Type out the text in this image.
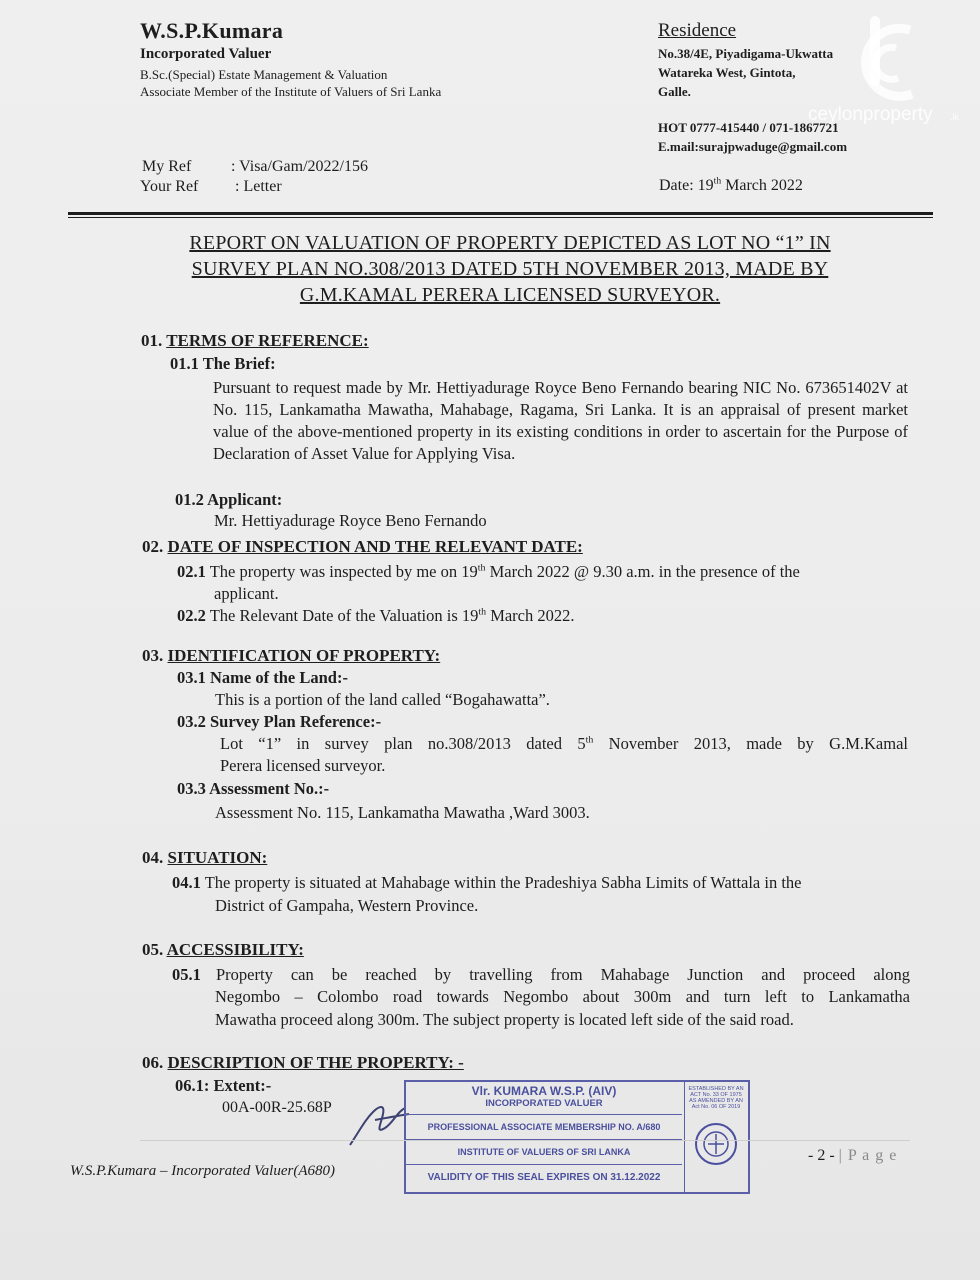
W.S.P.Kumara
Incorporated Valuer
B.Sc.(Special) Estate Management & Valuation
Associate Member of the Institute of Valuers of Sri Lanka
Residence
No.38/4E, Piyadigama-Ukwatta
Watareka West, Gintota,
Galle.
HOT 0777-415440 / 071-1867721
E.mail:surajpwaduge@gmail.com
ceylonproperty .lk
My Ref : Visa/Gam/2022/156
Your Ref : Letter	Date: 19th March 2022
REPORT ON VALUATION OF PROPERTY DEPICTED AS LOT NO “1” IN
SURVEY PLAN NO.308/2013 DATED 5TH NOVEMBER 2013, MADE BY
G.M.KAMAL PERERA LICENSED SURVEYOR.
01. TERMS OF REFERENCE:
01.1 The Brief:
Pursuant to request made by Mr. Hettiyadurage Royce Beno Fernando bearing NIC No. 673651402V at No. 115, Lankamatha Mawatha, Mahabage, Ragama, Sri Lanka. It is an appraisal of present market value of the above-mentioned property in its existing conditions in order to ascertain for the Purpose of Declaration of Asset Value for Applying Visa.
01.2 Applicant:
Mr. Hettiyadurage Royce Beno Fernando
02. DATE OF INSPECTION AND THE RELEVANT DATE:
02.1 The property was inspected by me on 19th March 2022 @ 9.30 a.m. in the presence of the
applicant.
02.2 The Relevant Date of the Valuation is 19th March 2022.
03. IDENTIFICATION OF PROPERTY:
03.1 Name of the Land:-
This is a portion of the land called “Bogahawatta”.
03.2 Survey Plan Reference:-
Lot “1” in survey plan no.308/2013 dated 5th November 2013, made by G.M.Kamal
Perera licensed surveyor.
03.3 Assessment No.:-
Assessment No. 115, Lankamatha Mawatha ,Ward 3003.
04. SITUATION:
04.1 The property is situated at Mahabage within the Pradeshiya Sabha Limits of Wattala in the
District of Gampaha, Western Province.
05. ACCESSIBILITY:
05.1 Property can be reached by travelling from Mahabage Junction and proceed along
Negombo – Colombo road towards Negombo about 300m and turn left to Lankamatha
Mawatha proceed along 300m. The subject property is located left side of the said road.
06. DESCRIPTION OF THE PROPERTY: -
06.1: Extent:-
00A-00R-25.68P
Vlr. KUMARA W.S.P. (AIV)
INCORPORATED VALUER
PROFESSIONAL ASSOCIATE MEMBERSHIP NO. A/680
INSTITUTE OF VALUERS OF SRI LANKA
VALIDITY OF THIS SEAL EXPIRES ON 31.12.2022
ESTABLISHED BY AN
ACT No. 33 OF 1975
AS AMENDED BY AN
Act No. 06 OF 2019
W.S.P.Kumara – Incorporated Valuer(A680)
- 2 - | P a g e
